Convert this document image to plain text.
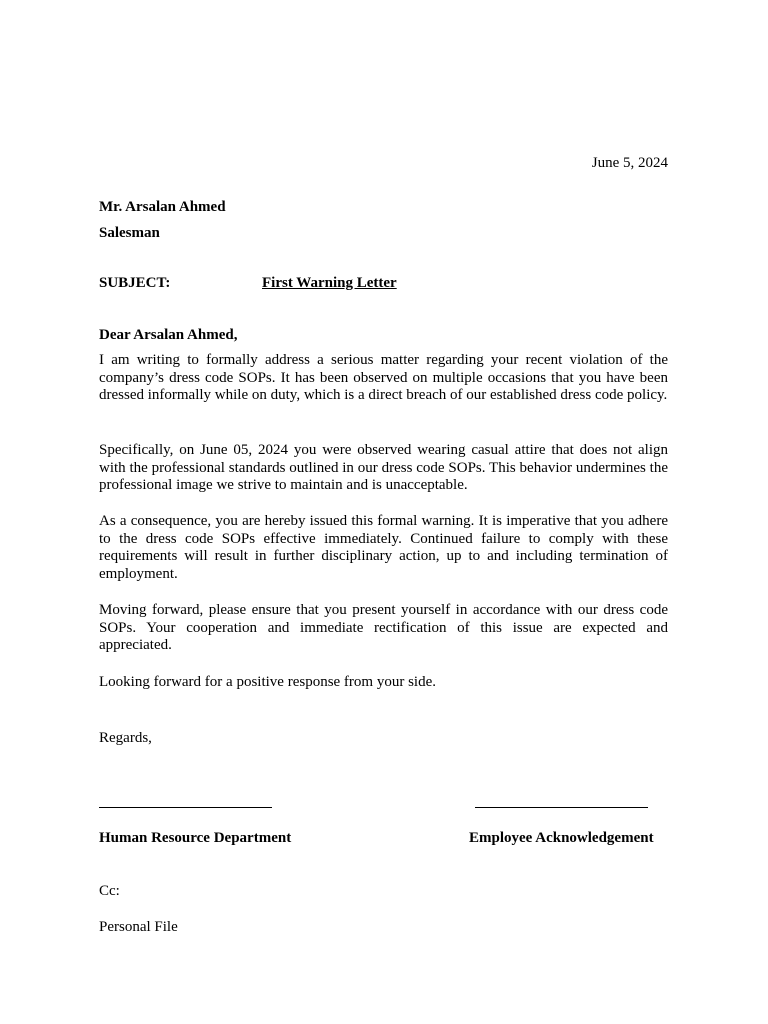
June 5, 2024
Mr. Arsalan Ahmed
Salesman
SUBJECT:	First Warning Letter
Dear Arsalan Ahmed,

I am writing to formally address a serious matter regarding your recent violation of the company’s dress code SOPs. It has been observed on multiple occasions that you have been dressed informally while on duty, which is a direct breach of our established dress code policy.

Specifically, on June 05, 2024 you were observed wearing casual attire that does not align with the professional standards outlined in our dress code SOPs. This behavior undermines the professional image we strive to maintain and is unacceptable.

As a consequence, you are hereby issued this formal warning. It is imperative that you adhere to the dress code SOPs effective immediately. Continued failure to comply with these requirements will result in further disciplinary action, up to and including termination of employment.

Moving forward, please ensure that you present yourself in accordance with our dress code SOPs. Your cooperation and immediate rectification of this issue are expected and appreciated.

Looking forward for a positive response from your side.

Regards,
Human Resource Department	Employee Acknowledgement
Cc:
Personal File
